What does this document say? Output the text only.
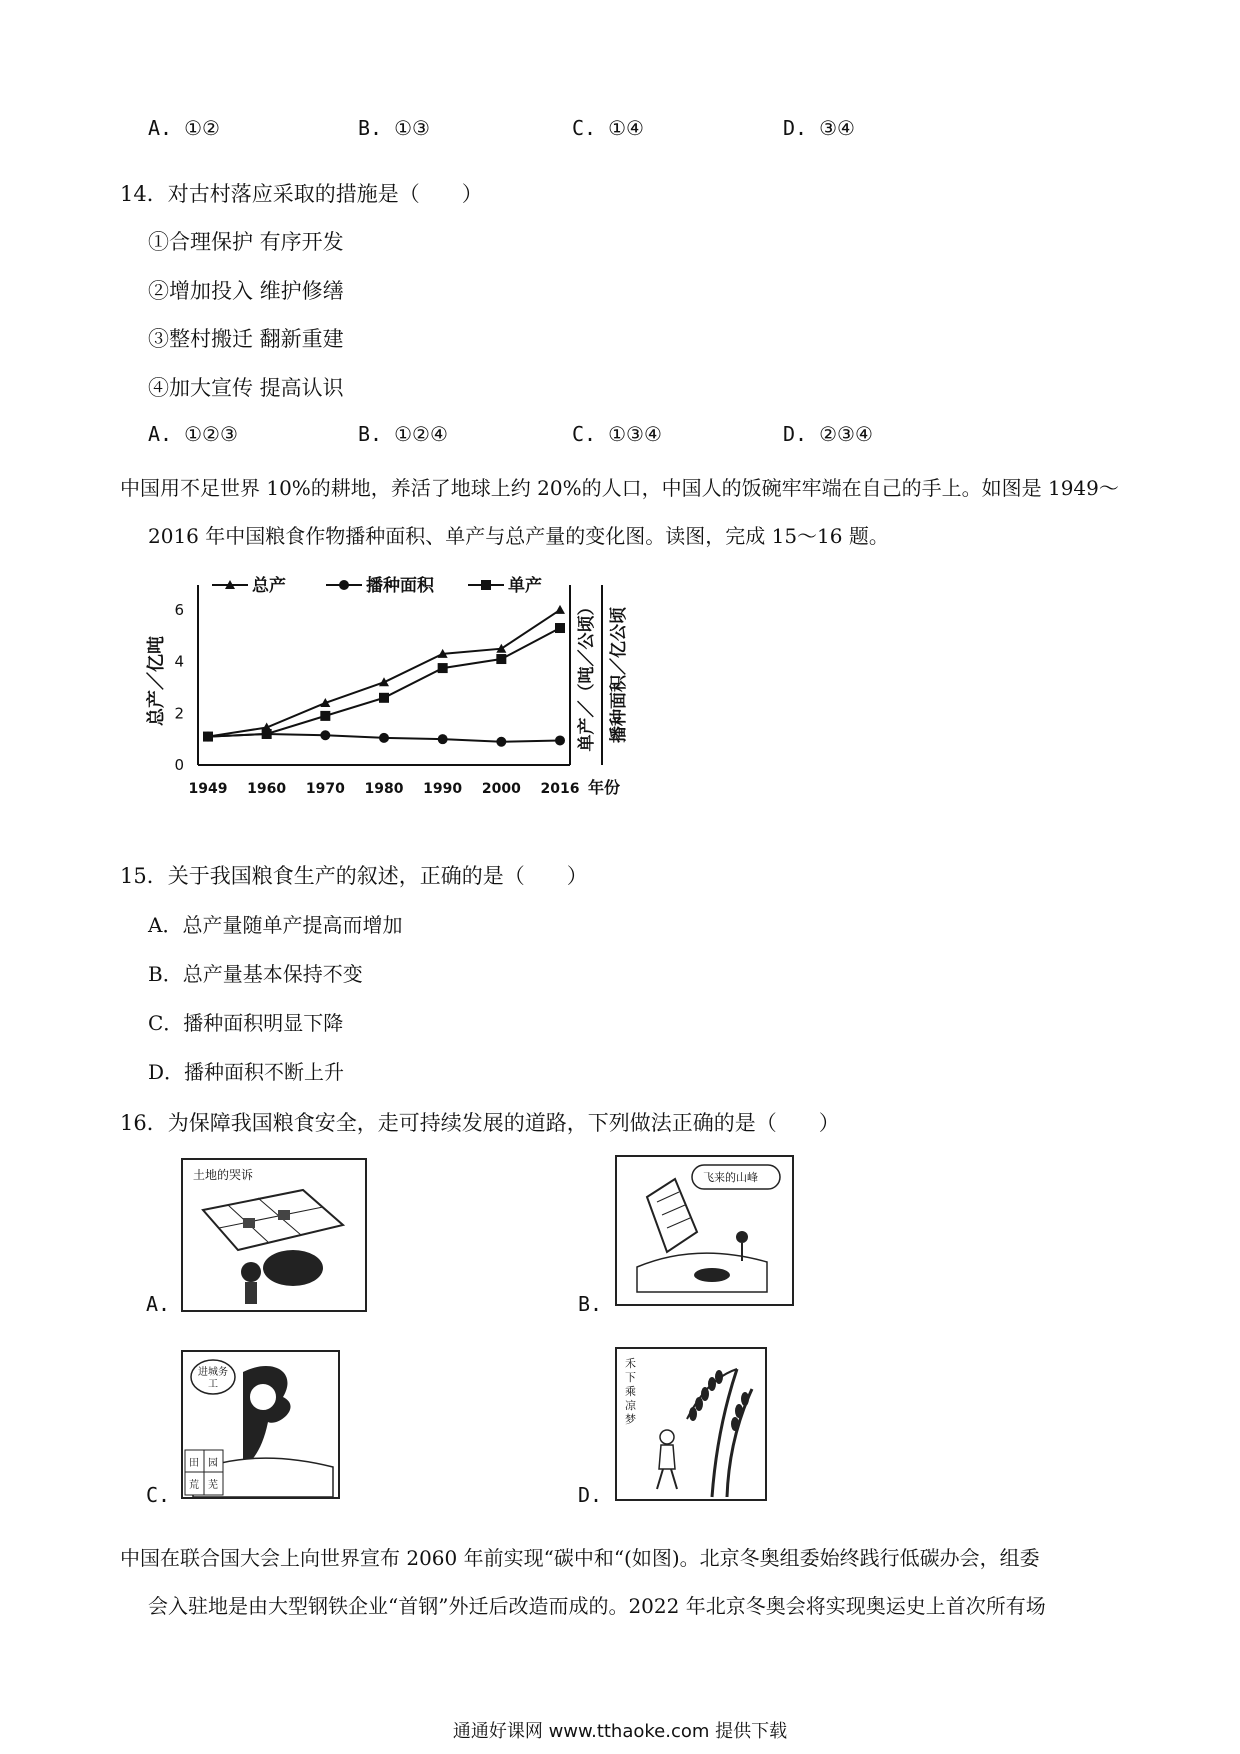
A. ①②	B. ①③	C. ①④	D. ③④
14．对古村落应采取的措施是（　　）
①合理保护 有序开发
②增加投入 维护修缮
③整村搬迁 翻新重建
④加大宣传 提高认识
A. ①②③	B. ①②④	C. ①③④	D. ②③④
中国用不足世界 10%的耕地，养活了地球上约 20%的人口，中国人的饭碗牢牢端在自己的手上。如图是 1949～
2016 年中国粮食作物播种面积、单产与总产量的变化图。读图，完成 15～16 题。
0
2
4
6
1949 1960 1970 1980 1990 2000 2016 年份
总产／亿吨	单产／（吨／公顷） 播种面积／亿公顷
总产	播种面积	单产
15．关于我国粮食生产的叙述，正确的是（　　）
A．总产量随单产提高而增加
B．总产量基本保持不变
C．播种面积明显下降
D．播种面积不断上升
16．为保障我国粮食安全，走可持续发展的道路，下列做法正确的是（　　）
土地的哭诉
A.
飞来的山峰
B.
进城务工
田 园
荒 芜
C.
禾下乘凉梦
D.
中国在联合国大会上向世界宣布 2060 年前实现“碳中和“(如图)。北京冬奥组委始终践行低碳办会，组委
会入驻地是由大型钢铁企业“首钢”外迁后改造而成的。2022 年北京冬奥会将实现奥运史上首次所有场
通通好课网 www.tthaoke.com 提供下载
